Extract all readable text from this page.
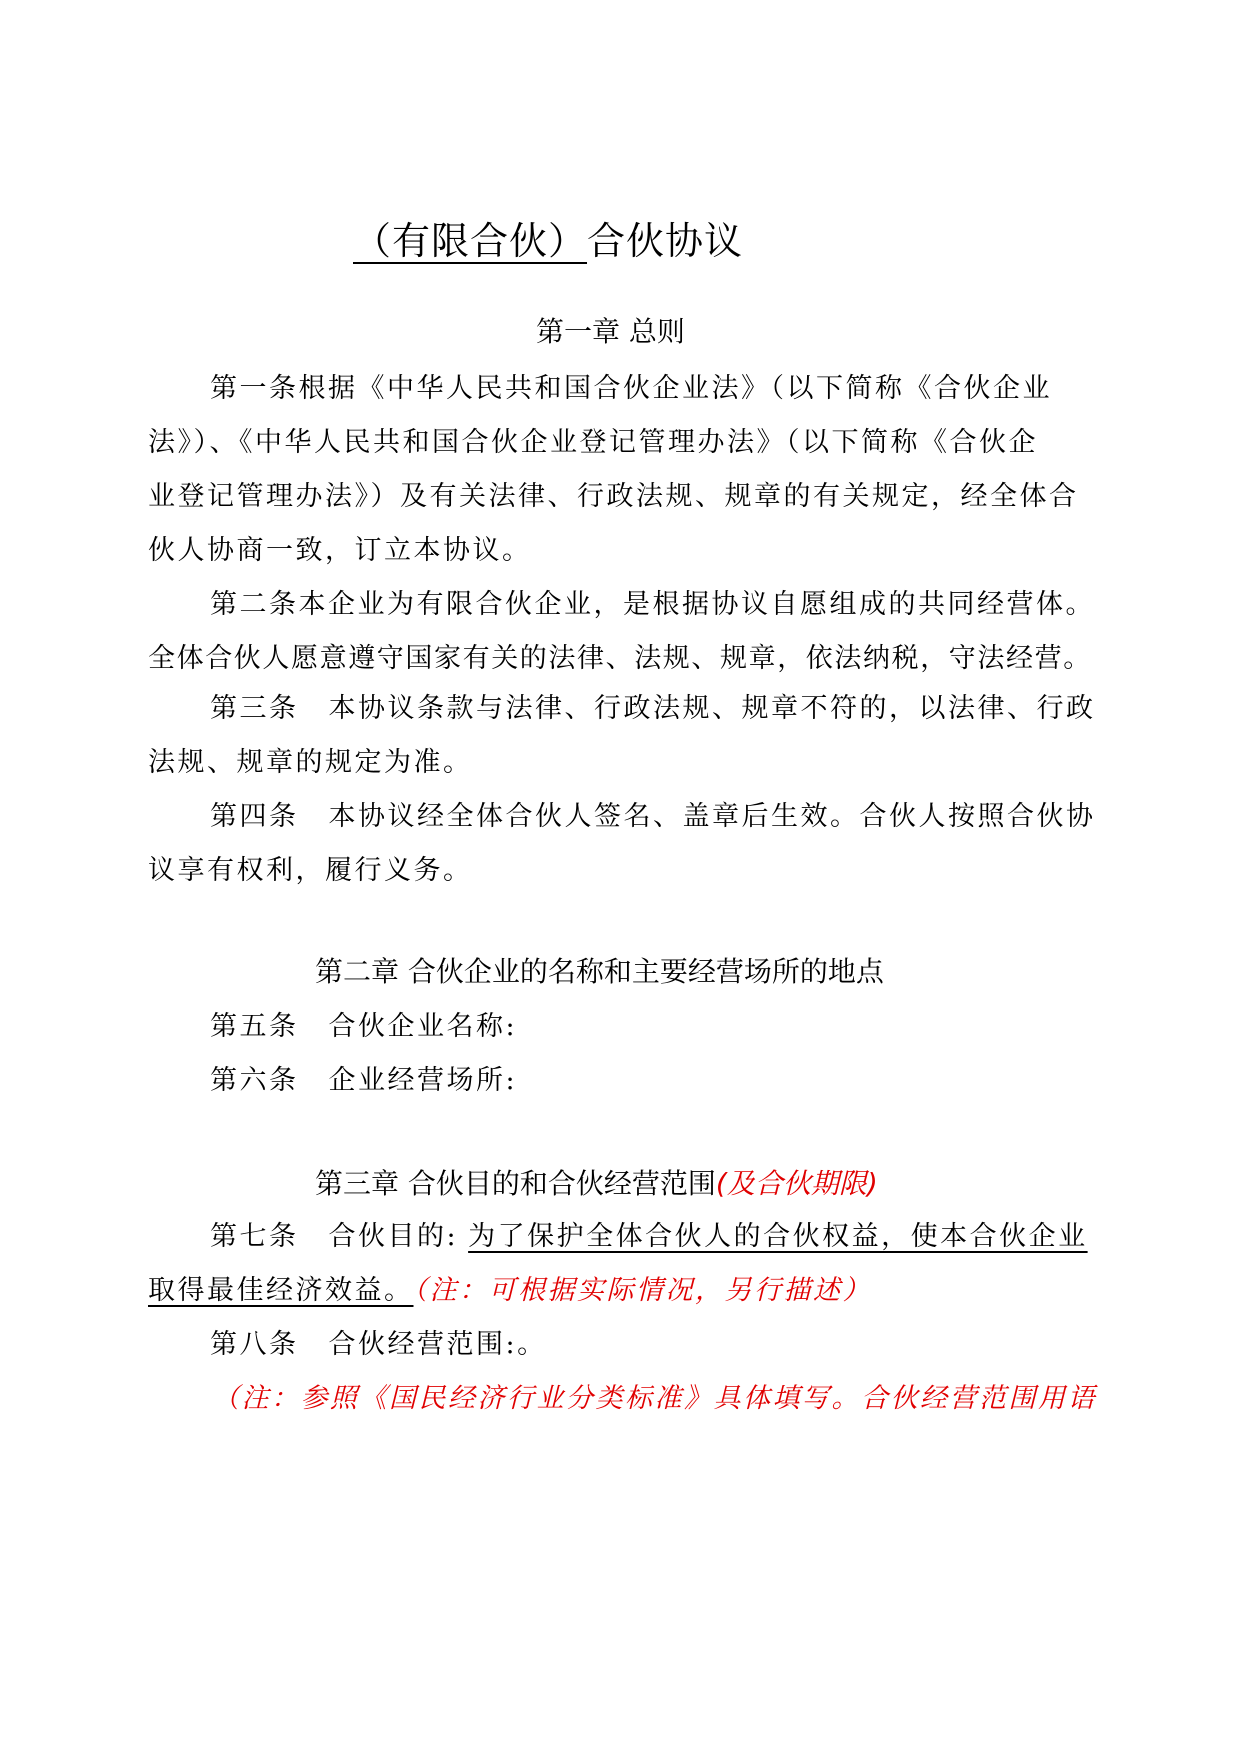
（有限合伙）合伙协议
第一章 总则
第一条根据《中华人民共和国合伙企业法》（以下简称《合伙企业
法》）、《中华人民共和国合伙企业登记管理办法》（以下简称《合伙企
业登记管理办法》）及有关法律、行政法规、规章的有关规定，经全体合
伙人协商一致，订立本协议。
第二条本企业为有限合伙企业，是根据协议自愿组成的共同经营体。
全体合伙人愿意遵守国家有关的法律、法规、规章，依法纳税，守法经营。
第三条 本协议条款与法律、行政法规、规章不符的，以法律、行政
法规、规章的规定为准。
第四条 本协议经全体合伙人签名、盖章后生效。合伙人按照合伙协
议享有权利，履行义务。
第二章 合伙企业的名称和主要经营场所的地点
第五条 合伙企业名称:
第六条 企业经营场所:
第三章 合伙目的和合伙经营范围(及合伙期限)
第七条 合伙目的: 为了保护全体合伙人的合伙权益，使本合伙企业
取得最佳经济效益。（注：可根据实际情况，另行描述）
第八条 合伙经营范围:。
（注：参照《国民经济行业分类标准》具体填写。合伙经营范围用语
